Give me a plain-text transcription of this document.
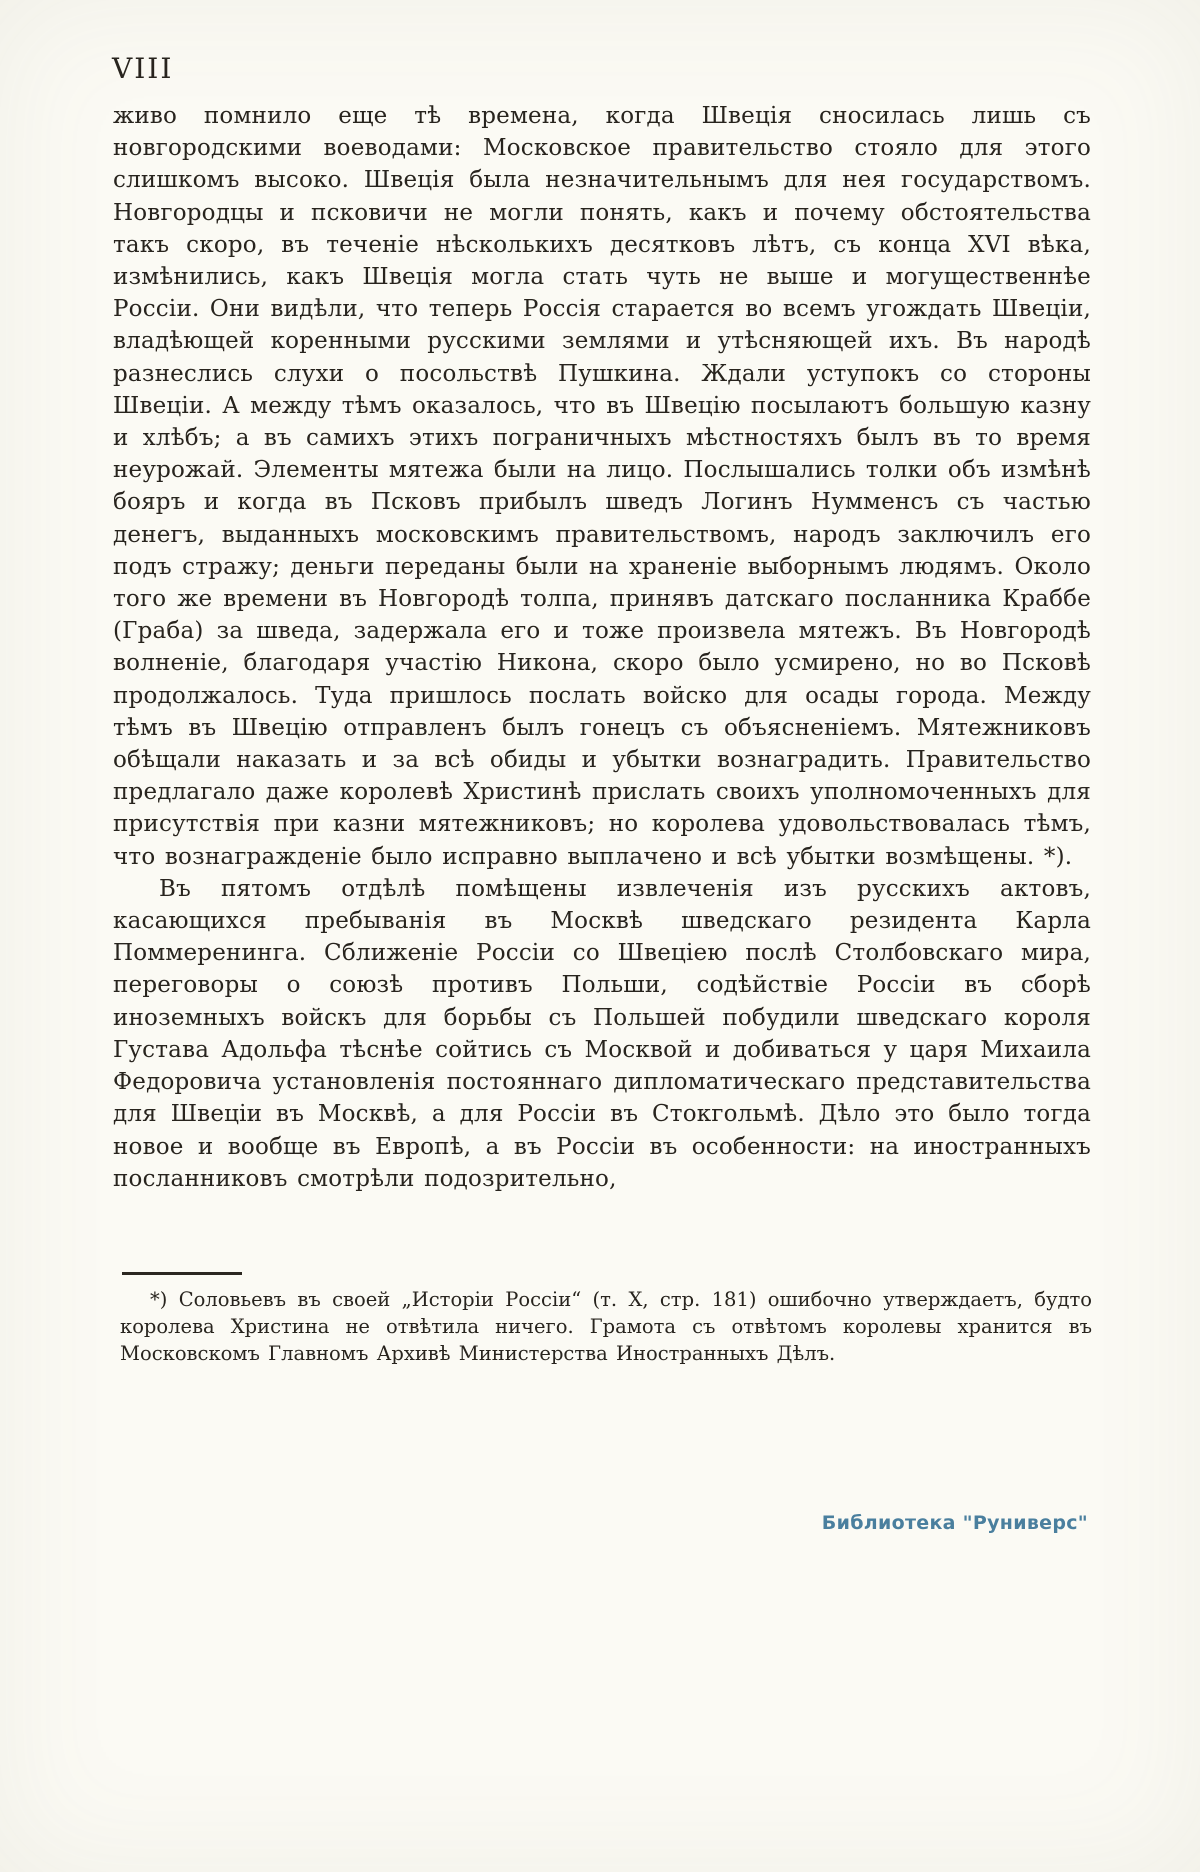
VIII

живо помнило еще тѣ времена, когда Швеція сносилась лишь съ новгородскими воеводами: Московское правительство стояло для этого слишкомъ высоко. Швеція была незначительнымъ для нея государствомъ. Новгородцы и псковичи не могли понять, какъ и почему обстоятельства такъ скоро, въ теченіе нѣсколькихъ десятковъ лѣтъ, съ конца XVI вѣка, измѣнились, какъ Швеція могла стать чуть не выше и могущественнѣе Россіи. Они видѣли, что теперь Россія старается во всемъ угождать Швеціи, владѣющей коренными русскими землями и утѣсняющей ихъ. Въ народѣ разнеслись слухи о посольствѣ Пушкина. Ждали уступокъ со стороны Швеціи. А между тѣмъ оказалось, что въ Швецію посылаютъ большую казну и хлѣбъ; а въ самихъ этихъ пограничныхъ мѣстностяхъ былъ въ то время неурожай. Элементы мятежа были на лицо. Послышались толки объ измѣнѣ бояръ и когда въ Псковъ прибылъ шведъ Логинъ Нумменсъ съ частью денегъ, выданныхъ московскимъ правительствомъ, народъ заключилъ его подъ стражу; деньги переданы были на храненіе выборнымъ людямъ. Около того же времени въ Новгородѣ толпа, принявъ датскаго посланника Краббе (Граба) за шведа, задержала его и тоже произвела мятежъ. Въ Новгородѣ волненіе, благодаря участію Никона, скоро было усмирено, но во Псковѣ продолжалось. Туда пришлось послать войско для осады города. Между тѣмъ въ Швецію отправленъ былъ гонецъ съ объясненіемъ. Мятежниковъ обѣщали наказать и за всѣ обиды и убытки вознаградить. Правительство предлагало даже королевѣ Христинѣ прислать своихъ уполномоченныхъ для присутствія при казни мятежниковъ; но королева удовольствовалась тѣмъ, что вознагражденіе было исправно выплачено и всѣ убытки возмѣщены. *).

Въ пятомъ отдѣлѣ помѣщены извлеченія изъ русскихъ актовъ, касающихся пребыванія въ Москвѣ шведскаго резидента Карла Поммеренинга. Сближеніе Россіи со Швеціею послѣ Столбовскаго мира, переговоры о союзѣ противъ Польши, содѣйствіе Россіи въ сборѣ иноземныхъ войскъ для борьбы съ Польшей побудили шведскаго короля Густава Адольфа тѣснѣе сойтись съ Москвой и добиваться у царя Михаила Федоровича установленія постояннаго дипломатическаго представительства для Швеціи въ Москвѣ, а для Россіи въ Стокгольмѣ. Дѣло это было тогда новое и вообще въ Европѣ, а въ Россіи въ особенности: на иностранныхъ посланниковъ смотрѣли подозрительно,

*) Соловьевъ въ своей „Исторіи Россіи“ (т. X, стр. 181) ошибочно утверждаетъ, будто королева Христина не отвѣтила ничего. Грамота съ отвѣтомъ королевы хранится въ Московскомъ Главномъ Архивѣ Министерства Иностранныхъ Дѣлъ.
Библиотека "Руниверс"
